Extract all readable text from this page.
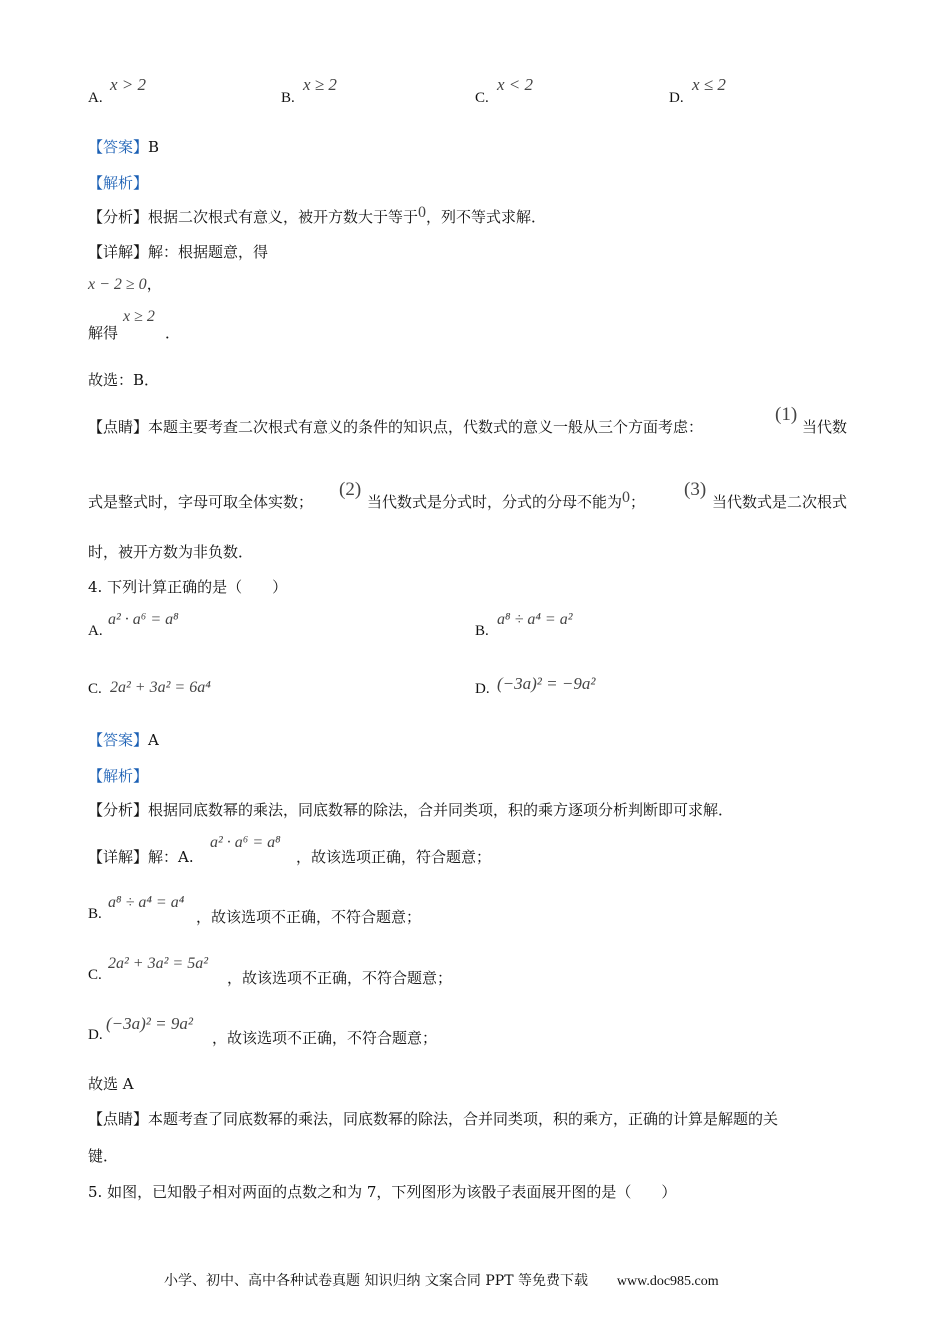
A.
x > 2
B.
x ≥ 2
C.
x < 2
D.
x ≤ 2
【答案】B
【解析】
【分析】根据二次根式有意义，被开方数大于等于0，列不等式求解．
【详解】解：根据题意，得
x − 2 ≥ 0，
解得
x ≥ 2
．
故选：B．
【点睛】本题主要考查二次根式有意义的条件的知识点，代数式的意义一般从三个方面考虑：
(1)
当代数
式是整式时，字母可取全体实数；
(2)
当代数式是分式时，分式的分母不能为0；
(3)
当代数式是二次根式
时，被开方数为非负数．
4. 下列计算正确的是（　　）
A.
a² · a⁶ = a⁸
B.
a⁸ ÷ a⁴ = a²
C. 2a² + 3a² = 6a⁴	D. (−3a)² = −9a²
【答案】A
【解析】
【分析】根据同底数幂的乘法，同底数幂的除法，合并同类项，积的乘方逐项分析判断即可求解．
【详解】解：A.
a² · a⁶ = a⁸
，故该选项正确，符合题意；
B.
a⁸ ÷ a⁴ = a⁴
，故该选项不正确，不符合题意；
C.
2a² + 3a² = 5a²
，故该选项不正确，不符合题意；
D.
(−3a)² = 9a²
，故该选项不正确，不符合题意；
故选 A
【点睛】本题考查了同底数幂的乘法，同底数幂的除法，合并同类项，积的乘方，正确的计算是解题的关
键．
5. 如图，已知骰子相对两面的点数之和为 7，下列图形为该骰子表面展开图的是（　　）
小学、初中、高中各种试卷真题 知识归纳 文案合同 PPT 等免费下载 www.doc985.com
